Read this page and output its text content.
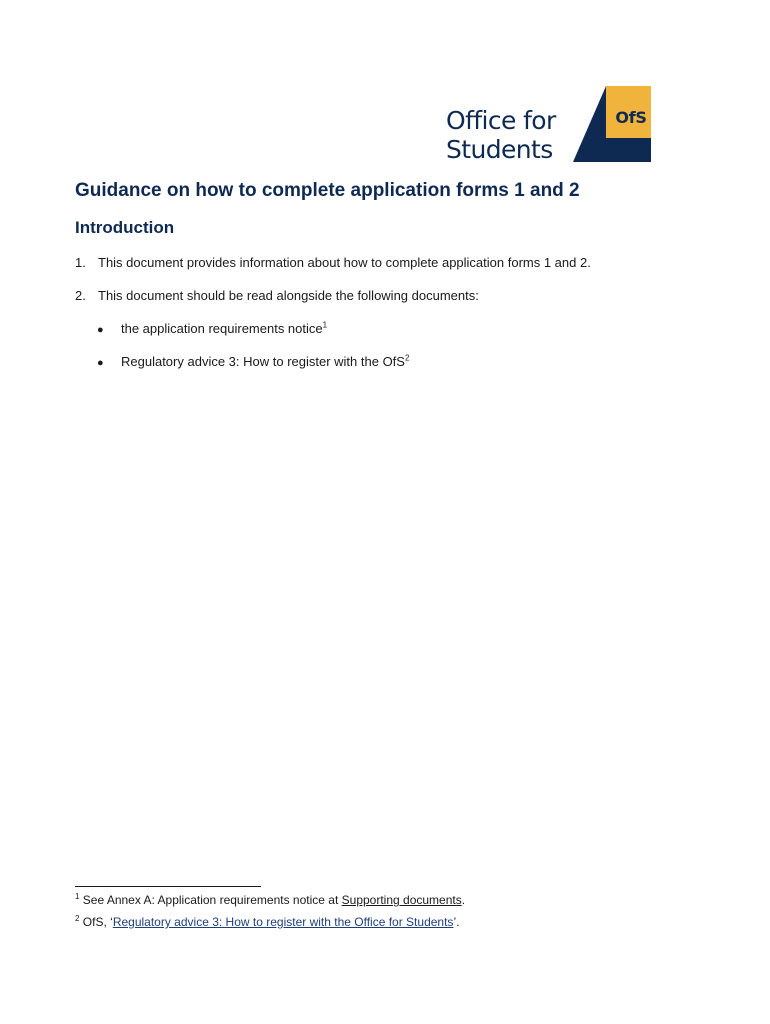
Office for
Students
OfS
Guidance on how to complete application forms 1 and 2
Introduction

1. This document provides information about how to complete application forms 1 and 2.

2. This document should be read alongside the following documents:

● the application requirements notice$^1$

● Regulatory advice 3: How to register with the OfS$^2$

$^1$ See Annex A: Application requirements notice at Supporting documents.

$^2$ OfS, ‘Regulatory advice 3: How to register with the Office for Students’.
